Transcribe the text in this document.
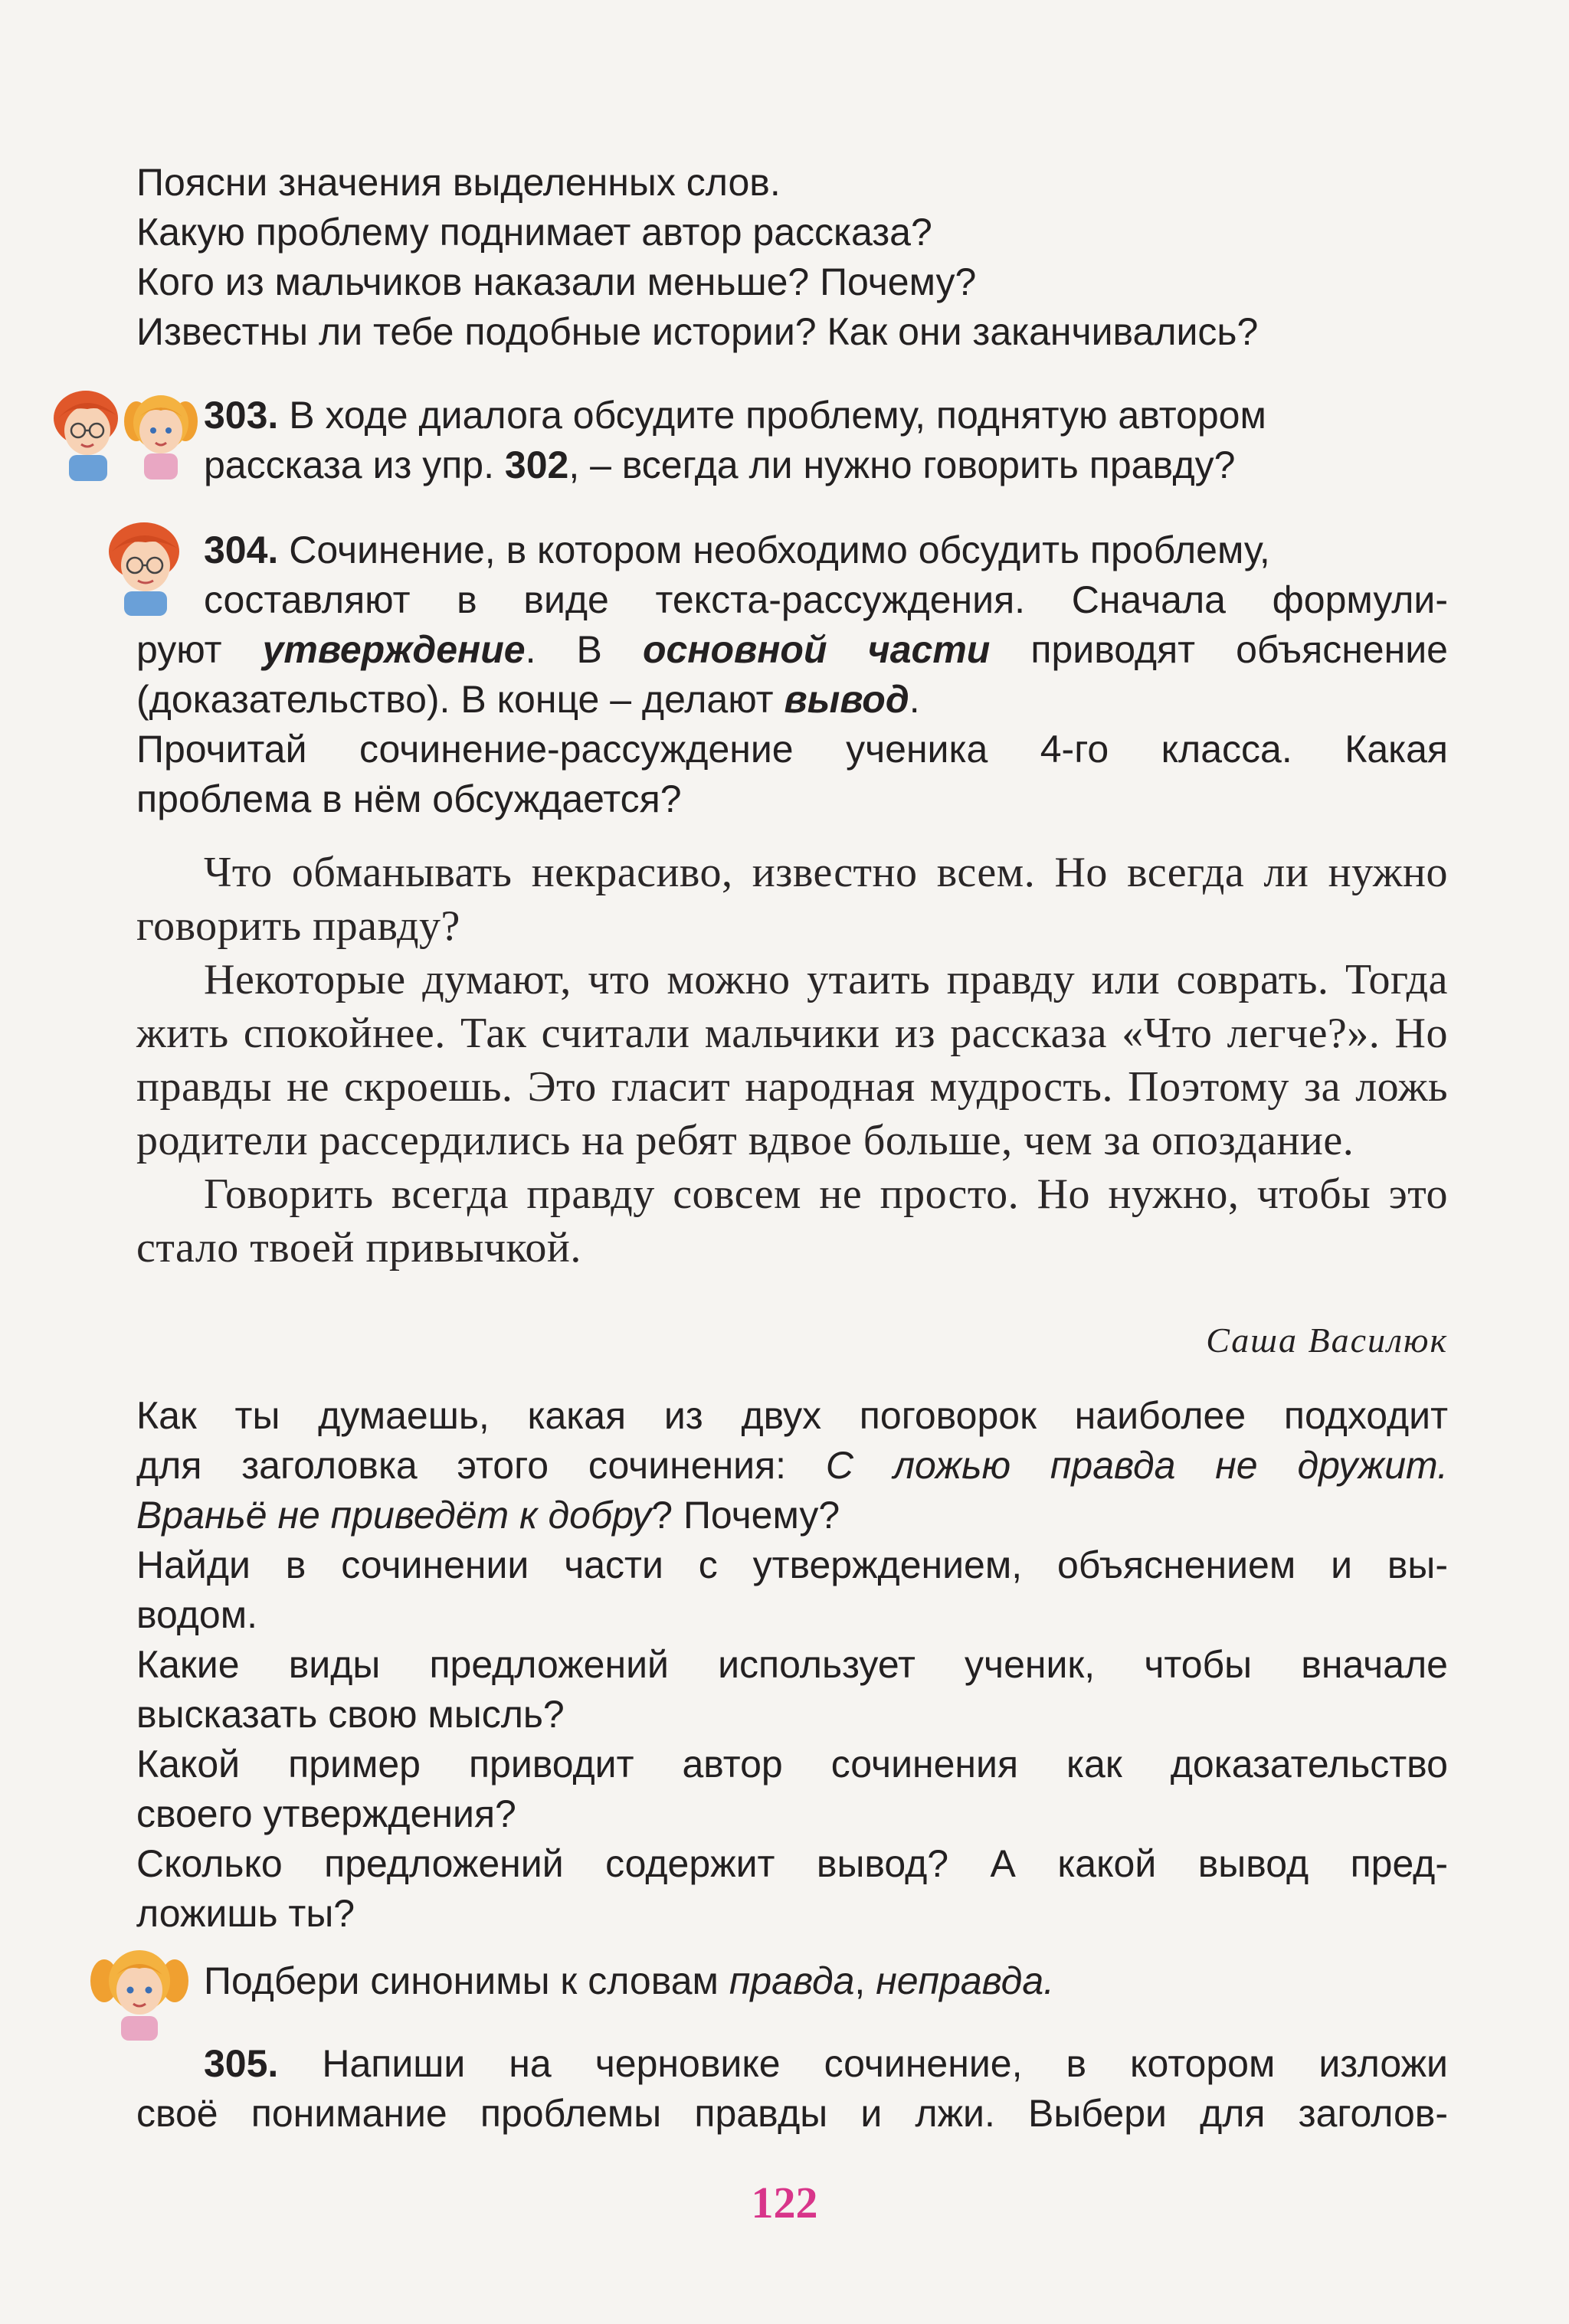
Поясни значения выделенных слов.
Какую проблему поднимает автор рассказа?
Кого из мальчиков наказали меньше? Почему?
Известны ли тебе подобные истории? Как они заканчивались?
303. В ходе диалога обсудите проблему, поднятую автором
рассказа из упр. 302, – всегда ли нужно говорить правду?
304. Сочинение, в котором необходимо обсудить проблему,
составляют в виде текста-рассуждения. Сначала формули-
руют утверждение. В основной части приводят объяснение
(доказательство). В конце – делают вывод.
Прочитай сочинение-рассуждение ученика 4-го класса. Какая
проблема в нём обсуждается?
Что обманывать некрасиво, известно всем. Но всегда ли нужно говорить правду?
Некоторые думают, что можно утаить правду или соврать. Тогда жить спокойнее. Так считали мальчики из рассказа «Что легче?». Но правды не скроешь. Это гласит народная мудрость. Поэтому за ложь родители рассердились на ребят вдвое больше, чем за опоздание.
Говорить всегда правду совсем не просто. Но нужно, чтобы это стало твоей привычкой.
Саша Василюк
Как ты думаешь, какая из двух поговорок наиболее подходит
для заголовка этого сочинения: С ложью правда не дружит.
Враньё не приведёт к добру? Почему?
Найди в сочинении части с утверждением, объяснением и вы-
водом.
Какие виды предложений использует ученик, чтобы вначале
высказать свою мысль?
Какой пример приводит автор сочинения как доказательство
своего утверждения?
Сколько предложений содержит вывод? А какой вывод пред-
ложишь ты?
Подбери синонимы к словам правда, неправда.
305. Напиши на черновике сочинение, в котором изложи
своё понимание проблемы правды и лжи. Выбери для заголов-
122
